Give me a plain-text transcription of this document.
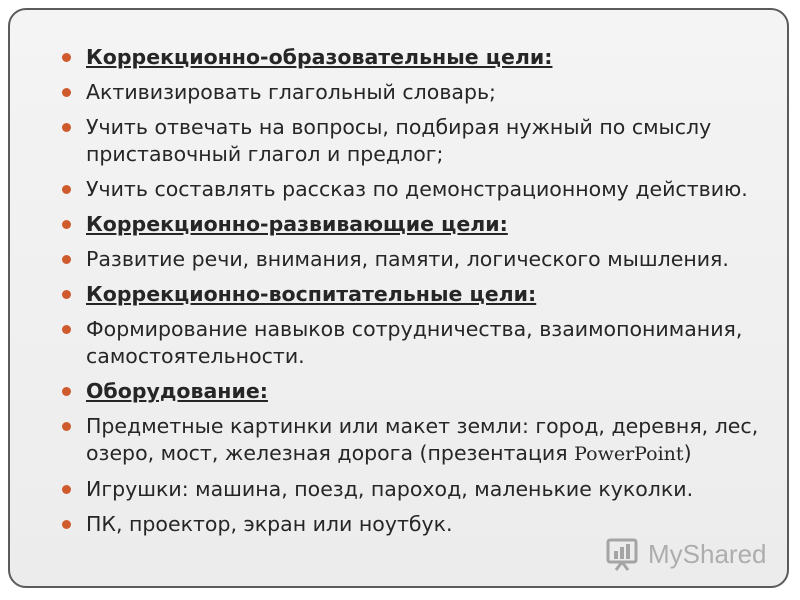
Коррекционно-образовательные цели:
Активизировать глагольный словарь;
Учить отвечать на вопросы, подбирая нужный по смыслу приставочный глагол и предлог;
Учить составлять рассказ по демонстрационному действию.
Коррекционно-развивающие цели:
Развитие речи, внимания, памяти, логического мышления.
Коррекционно-воспитательные цели:
Формирование навыков сотрудничества, взаимопонимания, самостоятельности.
Оборудование:
Предметные картинки или макет земли: город, деревня, лес, озеро, мост, железная дорога (презентация PowerPoint)
Игрушки: машина, поезд, пароход, маленькие куколки.
ПК, проектор, экран или ноутбук.
MyShared
